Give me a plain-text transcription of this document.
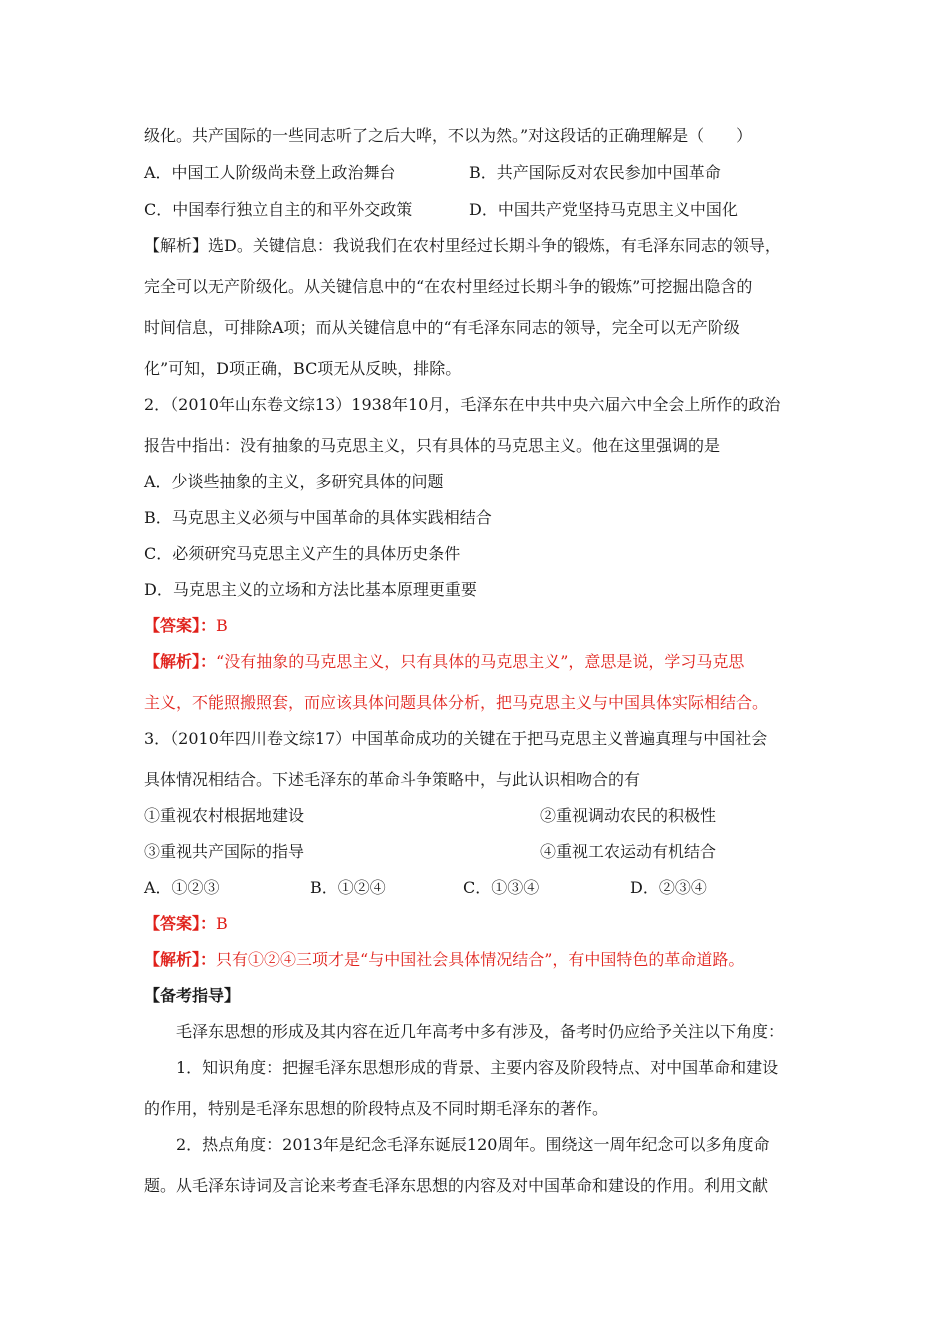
级化。共产国际的一些同志听了之后大哗，不以为然。”对这段话的正确理解是（　　）
A．中国工人阶级尚未登上政治舞台	B．共产国际反对农民参加中国革命
C．中国奉行独立自主的和平外交政策	D．中国共产党坚持马克思主义中国化
【解析】选D。关键信息：我说我们在农村里经过长期斗争的锻炼，有毛泽东同志的领导，
完全可以无产阶级化。从关键信息中的“在农村里经过长期斗争的锻炼”可挖掘出隐含的
时间信息，可排除A项；而从关键信息中的“有毛泽东同志的领导，完全可以无产阶级
化”可知，D项正确，BC项无从反映，排除。
2．（2010年山东卷文综13）1938年10月，毛泽东在中共中央六届六中全会上所作的政治
报告中指出：没有抽象的马克思主义，只有具体的马克思主义。他在这里强调的是
A．少谈些抽象的主义，多研究具体的问题
B．马克思主义必须与中国革命的具体实践相结合
C．必须研究马克思主义产生的具体历史条件
D．马克思主义的立场和方法比基本原理更重要
【答案】：B
【解析】：“没有抽象的马克思主义，只有具体的马克思主义”，意思是说，学习马克思
主义，不能照搬照套，而应该具体问题具体分析，把马克思主义与中国具体实际相结合。
3．（2010年四川卷文综17）中国革命成功的关键在于把马克思主义普遍真理与中国社会
具体情况相结合。下述毛泽东的革命斗争策略中，与此认识相吻合的有
①重视农村根据地建设	②重视调动农民的积极性
③重视共产国际的指导	④重视工农运动有机结合
A．①②③	B．①②④	C．①③④	D．②③④
【答案】：B
【解析】：只有①②④三项才是“与中国社会具体情况结合”，有中国特色的革命道路。
【备考指导】
毛泽东思想的形成及其内容在近几年高考中多有涉及，备考时仍应给予关注以下角度：
1．知识角度：把握毛泽东思想形成的背景、主要内容及阶段特点、对中国革命和建设
的作用，特别是毛泽东思想的阶段特点及不同时期毛泽东的著作。
2．热点角度：2013年是纪念毛泽东诞辰120周年。围绕这一周年纪念可以多角度命
题。从毛泽东诗词及言论来考查毛泽东思想的内容及对中国革命和建设的作用。利用文献
